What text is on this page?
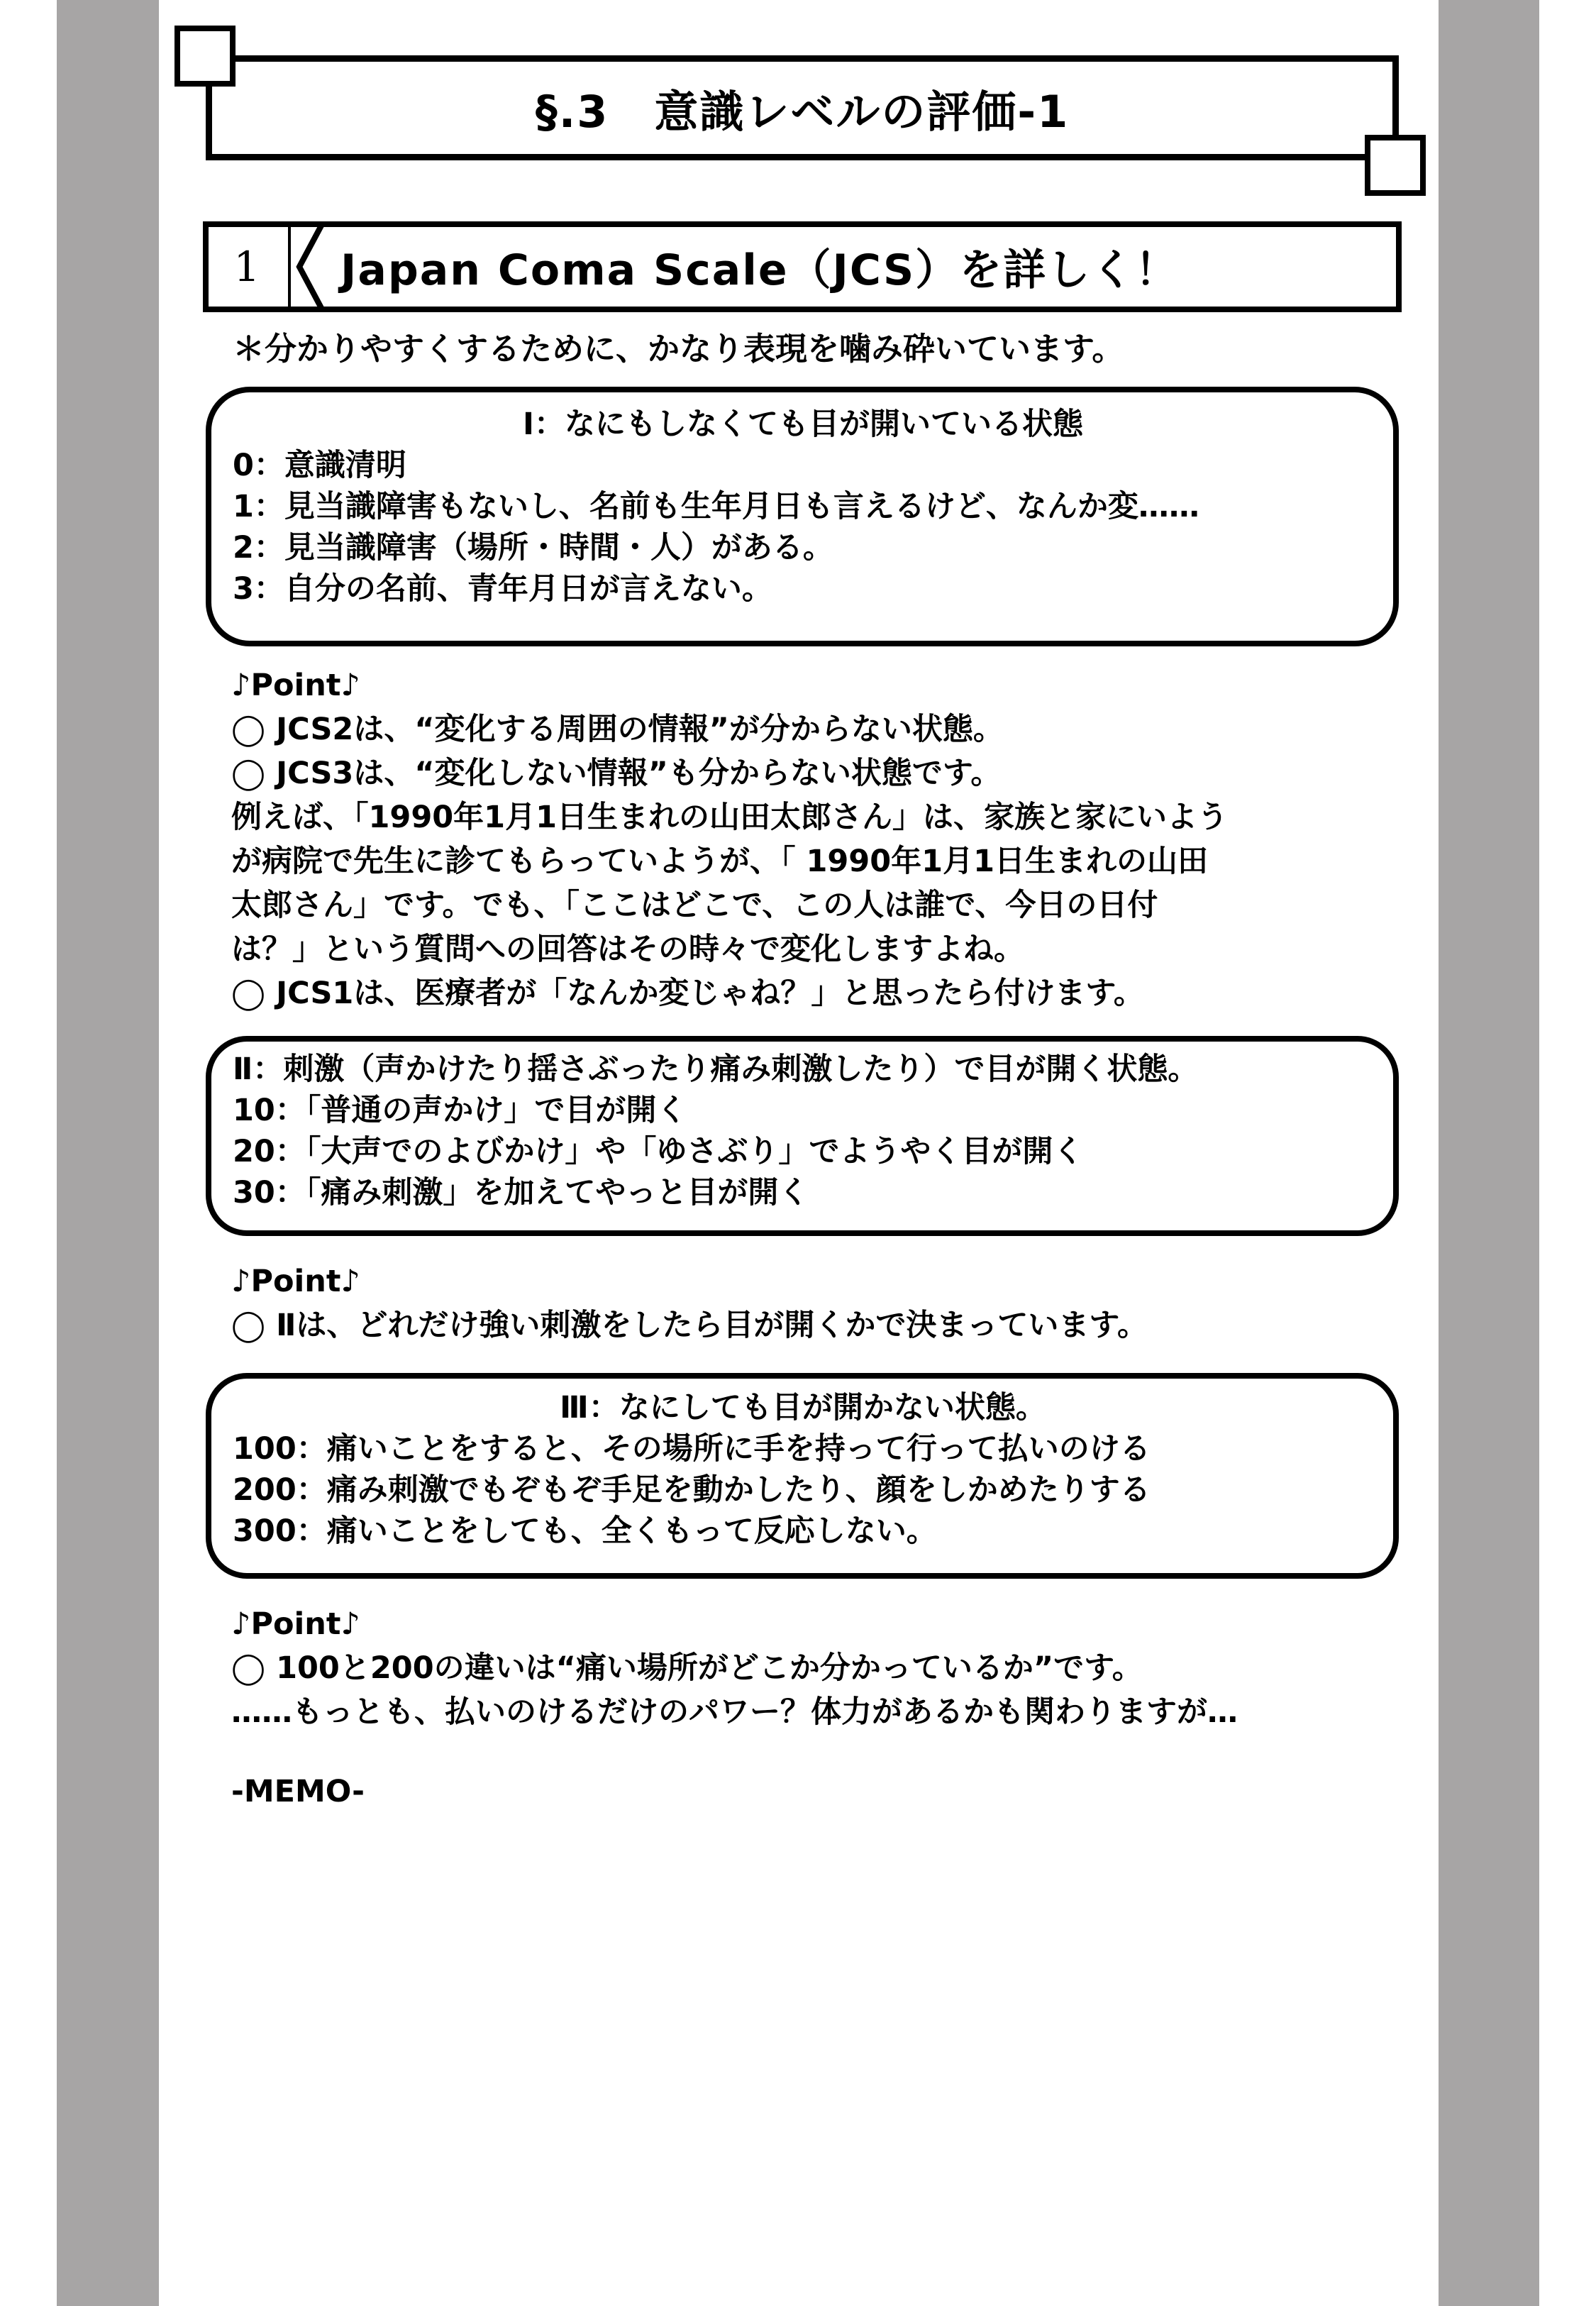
§.3　意識レベルの評価-1
1	Japan Coma Scale（JCS）を詳しく！
＊分かりやすくするために、かなり表現を噛み砕いています。
Ⅰ：なにもしなくても目が開いている状態
0：意識清明
1：見当識障害もないし、名前も生年月日も言えるけど、なんか変……
2：見当識障害（場所・時間・人）がある。
3：自分の名前、青年月日が言えない。
♪Point♪
◯ JCS2は、“変化する周囲の情報”が分からない状態。
◯ JCS3は、“変化しない情報”も分からない状態です。
例えば、「1990年1月1日生まれの山田太郎さん」は、家族と家にいよう
が病院で先生に診てもらっていようが、「 1990年1月1日生まれの山田
太郎さん」です。でも、「ここはどこで、この人は誰で、今日の日付
は？」という質問への回答はその時々で変化しますよね。
◯ JCS1は、医療者が「なんか変じゃね？」と思ったら付けます。
Ⅱ：刺激（声かけたり揺さぶったり痛み刺激したり）で目が開く状態。
10：「普通の声かけ」で目が開く
20：「大声でのよびかけ」や「ゆさぶり」でようやく目が開く
30：「痛み刺激」を加えてやっと目が開く
♪Point♪
◯ Ⅱは、どれだけ強い刺激をしたら目が開くかで決まっています。
Ⅲ：なにしても目が開かない状態。
100：痛いことをすると、その場所に手を持って行って払いのける
200：痛み刺激でもぞもぞ手足を動かしたり、顔をしかめたりする
300：痛いことをしても、全くもって反応しない。
♪Point♪
◯ 100と200の違いは“痛い場所がどこか分かっているか”です。
……もっとも、払いのけるだけのパワー？体力があるかも関わりますが…
-MEMO-
